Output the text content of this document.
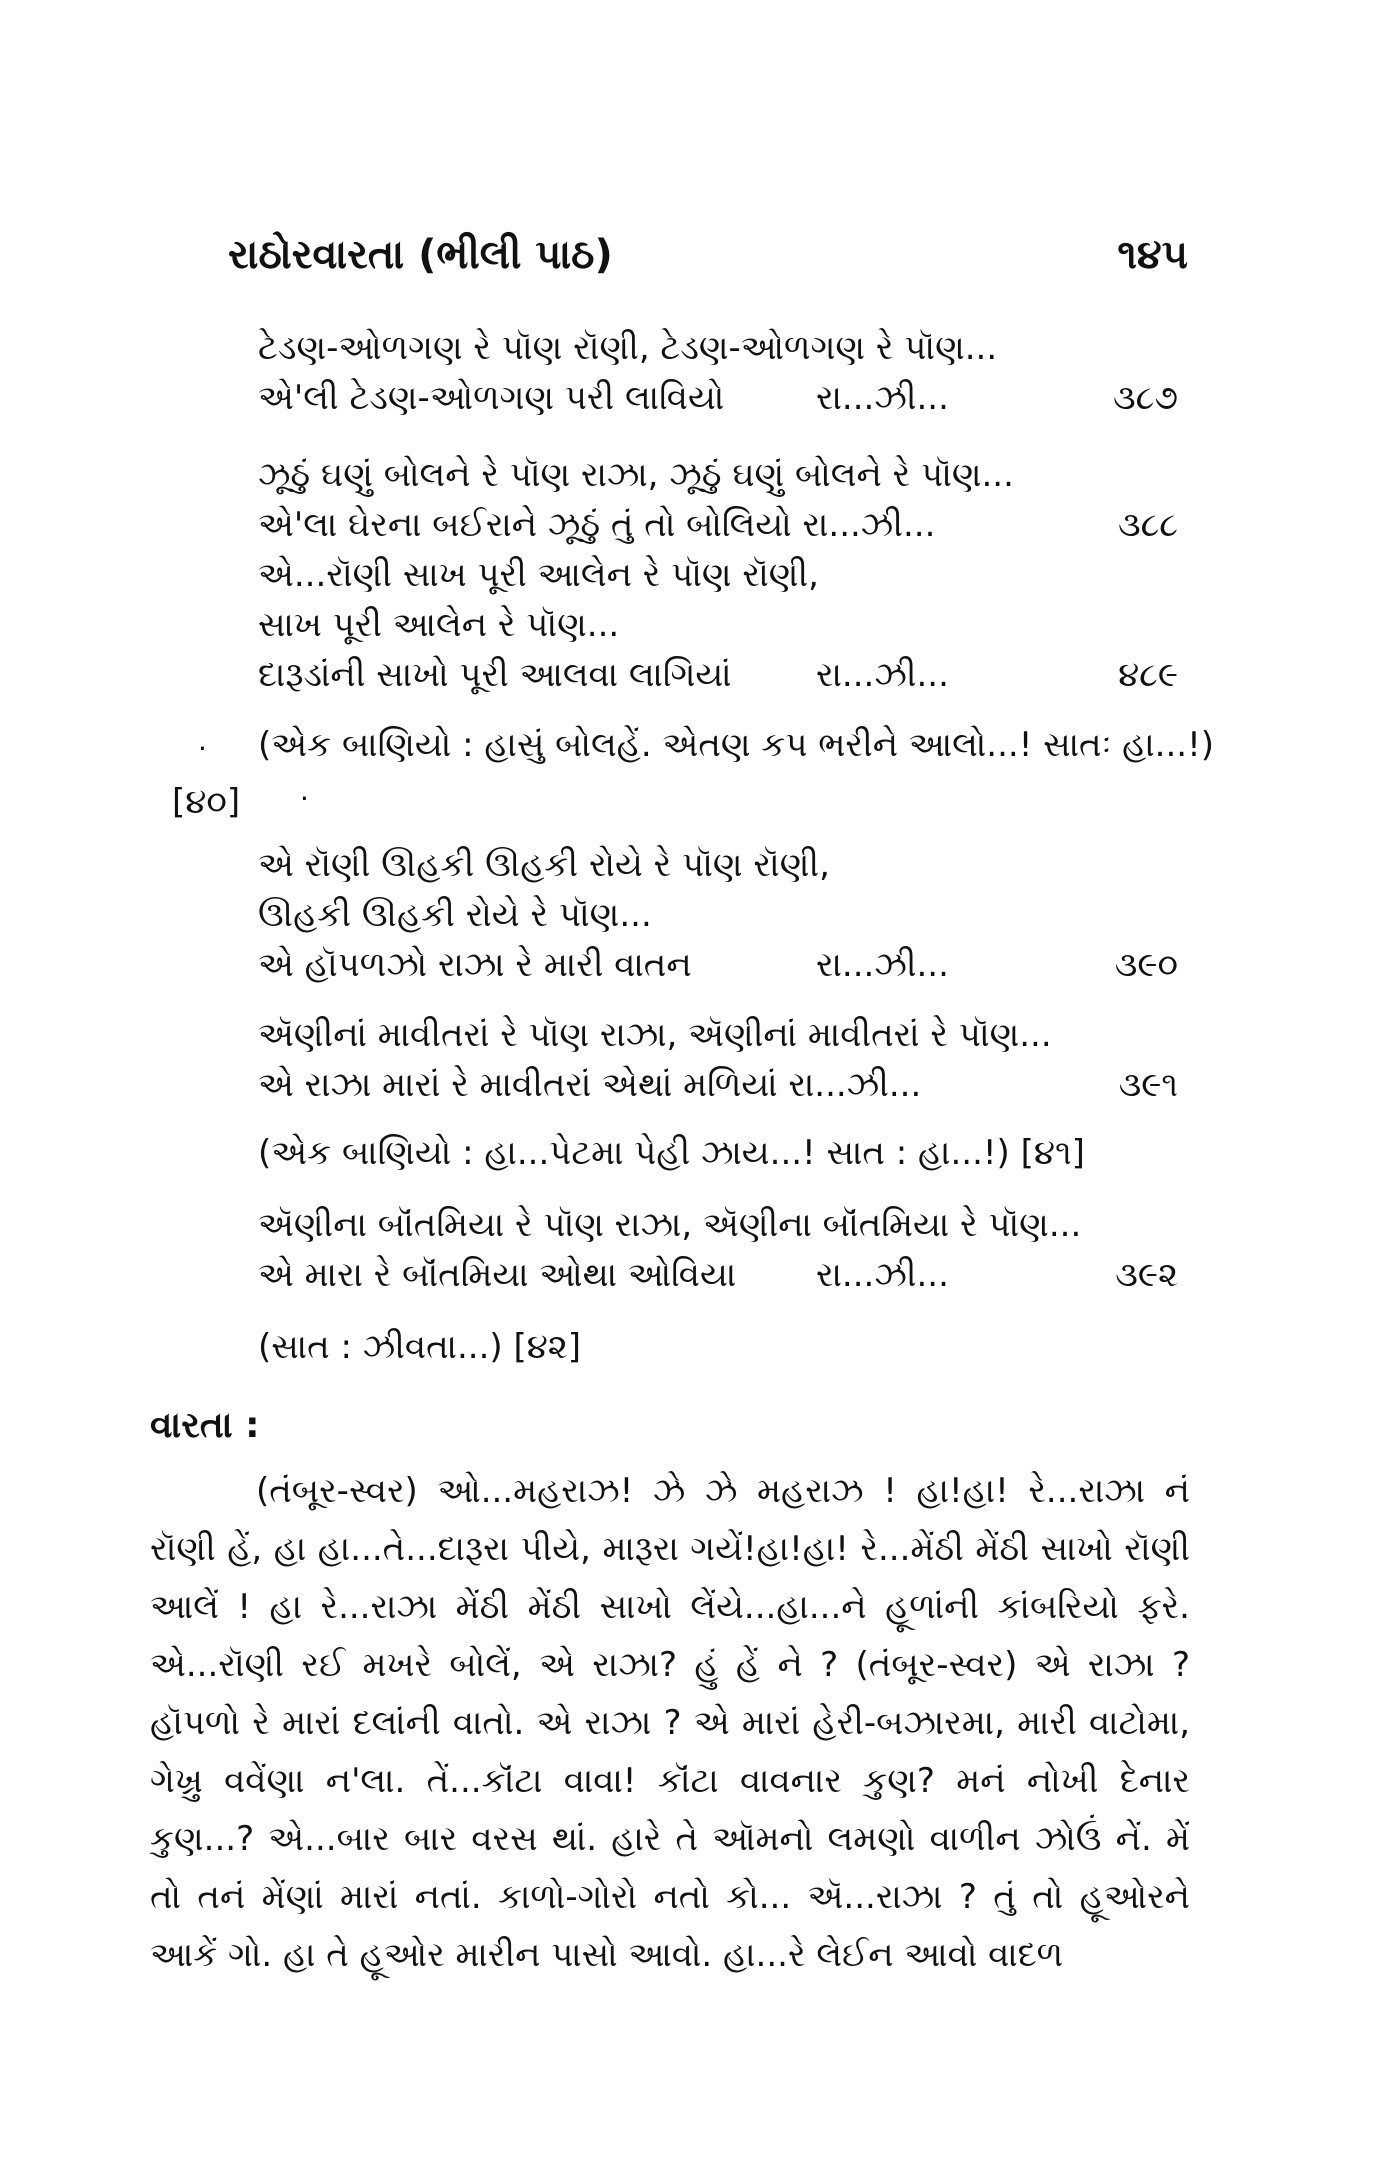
રાઠોરવારતા (ભીલી પાઠ)	૧૪૫
ટેડણ-ઓળગણ રે પૉણ રૉણી, ટેડણ-ઓળગણ રે પૉણ...
એ'લી ટેડણ-ઓળગણ પરી લાવિયો	રા...ઝી...	૩૮૭
ઝૂઠું ઘણું બોલને રે પૉણ રાઝા, ઝૂઠું ઘણું બોલને રે પૉણ...
એ'લા ઘેરના બઈરાને ઝૂઠું તું તો બોલિયો રા...ઝી...	૩૮૮
એ...રૉણી સાખ પૂરી આલેન રે પૉણ રૉણી,
સાખ પૂરી આલેન રે પૉણ...
દારૂડાંની સાખો પૂરી આલવા લાગિયાં રા...ઝી...	૪૮૯
· (એક બાણિયો : હાસું બોલહેં. એતણ કપ ભરીને આલો...! સાતઃ હા...!)
[૪૦] ·
એ રૉણી ઊહકી ઊહકી રોયે રે પૉણ રૉણી,
ઊહકી ઊહકી રોયે રે પૉણ...
એ હૉપળઝો રાઝા રે મારી વાતન	રા...ઝી...	૩૯૦
ઍણીનાં માવીતરાં રે પૉણ રાઝા, ઍણીનાં માવીતરાં રે પૉણ...
એ રાઝા મારાં રે માવીતરાં એથાં મળિયાં રા...ઝી...	૩૯૧
(એક બાણિયો : હા...પેટમા પેહી ઝાય...! સાત : હા...!) [૪૧]
ઍણીના બૉંતમિયા રે પૉણ રાઝા, ઍણીના બૉંતમિયા રે પૉણ...
એ મારા રે બૉંતમિયા ઓથા ઓવિયા રા...ઝી...	૩૯૨
(સાત : ઝીવતા...) [૪૨]
વારતા :

(તંબૂર-સ્વર) ઓ...મહરાઝ! ઝે ઝે મહરાઝ ! હા!હા! રે...રાઝા નં રૉણી હેં, હા હા...તે...દારૂરા પીયે, મારૂરા ગયેં!હા!હા! રે...મેંઠી મેંઠી સાખો રૉણી આલેં ! હા રે...રાઝા મેંઠી મેંઠી સાખો લેંયે...હા...ને હૂળાંની કાંબરિયો ફરે. એ...રૉણી રઈ મખરે બોલેં, એ રાઝા? હું હેં ને ? (તંબૂર-સ્વર) એ રાઝા ? હૉપળો રે મારાં દલાંની વાતો. એ રાઝા ? એ મારાં હેરી-બઝારમા, મારી વાટોમા, ગેખ્રુ વવેંણા ન'લા. તેં...કૉંટા વાવા! કૉંટા વાવનાર કુણ? મનં નોખી દેનાર કુણ...? એ...બાર બાર વરસ થાં. હારે તે ઑમનો લમણો વાળીન ઝોઉં નેં. મેં તો તનં મેંણાં મારાં નતાં. કાળો-ગોરો નતો કો... ઍ...રાઝા ? તું તો હૂઓરને આકેં ગો. હા તે હૂઓર મારીન પાસો આવો. હા...રે લેઈન આવો વાદળ
